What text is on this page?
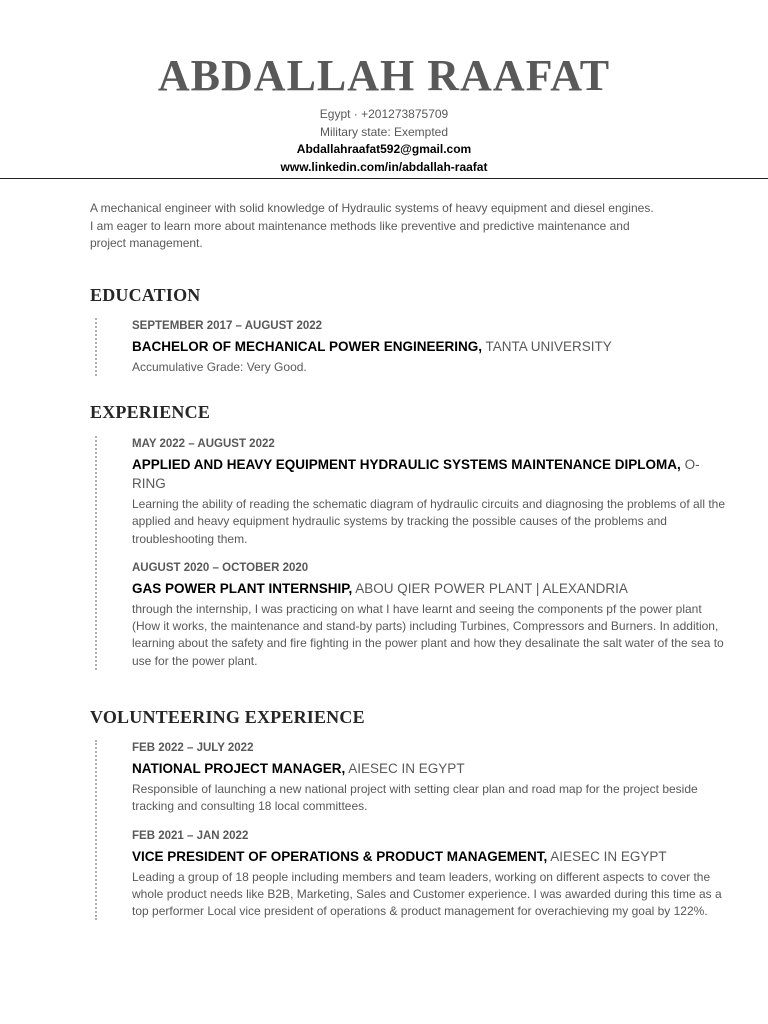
ABDALLAH RAAFAT
Egypt · +201273875709
Military state: Exempted
Abdallahraafat592@gmail.com
www.linkedin.com/in/abdallah-raafat
A mechanical engineer with solid knowledge of Hydraulic systems of heavy equipment and diesel engines. I am eager to learn more about maintenance methods like preventive and predictive maintenance and project management.
EDUCATION
SEPTEMBER 2017 – AUGUST 2022
BACHELOR OF MECHANICAL POWER ENGINEERING, TANTA UNIVERSITY
Accumulative Grade: Very Good.
EXPERIENCE
MAY 2022 – AUGUST 2022
APPLIED AND HEAVY EQUIPMENT HYDRAULIC SYSTEMS MAINTENANCE DIPLOMA, O-RING
Learning the ability of reading the schematic diagram of hydraulic circuits and diagnosing the problems of all the applied and heavy equipment hydraulic systems by tracking the possible causes of the problems and troubleshooting them.
AUGUST 2020 – OCTOBER 2020
GAS POWER PLANT INTERNSHIP, ABOU QIER POWER PLANT | ALEXANDRIA
through the internship, I was practicing on what I have learnt and seeing the components pf the power plant (How it works, the maintenance and stand-by parts) including Turbines, Compressors and Burners. In addition, learning about the safety and fire fighting in the power plant and how they desalinate the salt water of the sea to use for the power plant.
VOLUNTEERING EXPERIENCE
FEB 2022 – JULY 2022
NATIONAL PROJECT MANAGER, AIESEC IN EGYPT
Responsible of launching a new national project with setting clear plan and road map for the project beside tracking and consulting 18 local committees.
FEB 2021 – JAN 2022
VICE PRESIDENT OF OPERATIONS & PRODUCT MANAGEMENT, AIESEC IN EGYPT
Leading a group of 18 people including members and team leaders, working on different aspects to cover the whole product needs like B2B, Marketing, Sales and Customer experience. I was awarded during this time as a top performer Local vice president of operations & product management for overachieving my goal by 122%.
